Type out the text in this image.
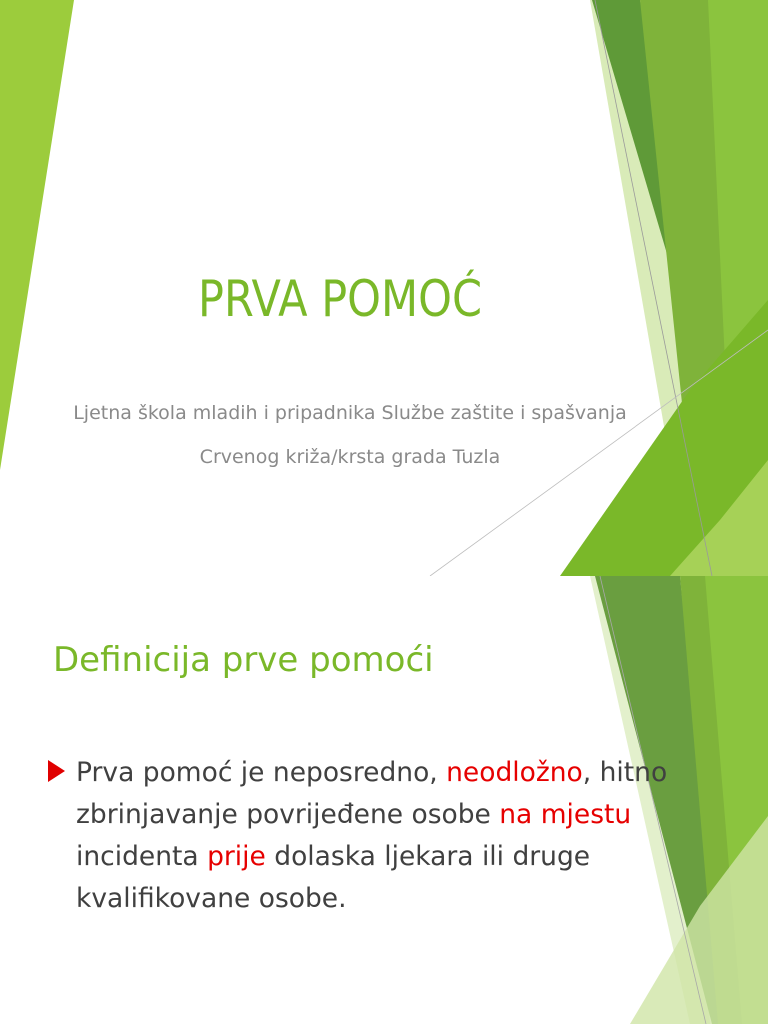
PRVA POMOĆ
Ljetna škola mladih i pripadnika Službe zaštite i spašvanja
Crvenog križa/krsta grada Tuzla
Definicija prve pomoći
Prva pomoć je neposredno, neodložno, hitno zbrinjavanje povrijeđene osobe na mjestu incidenta prije dolaska ljekara ili druge kvalifikovane osobe.
